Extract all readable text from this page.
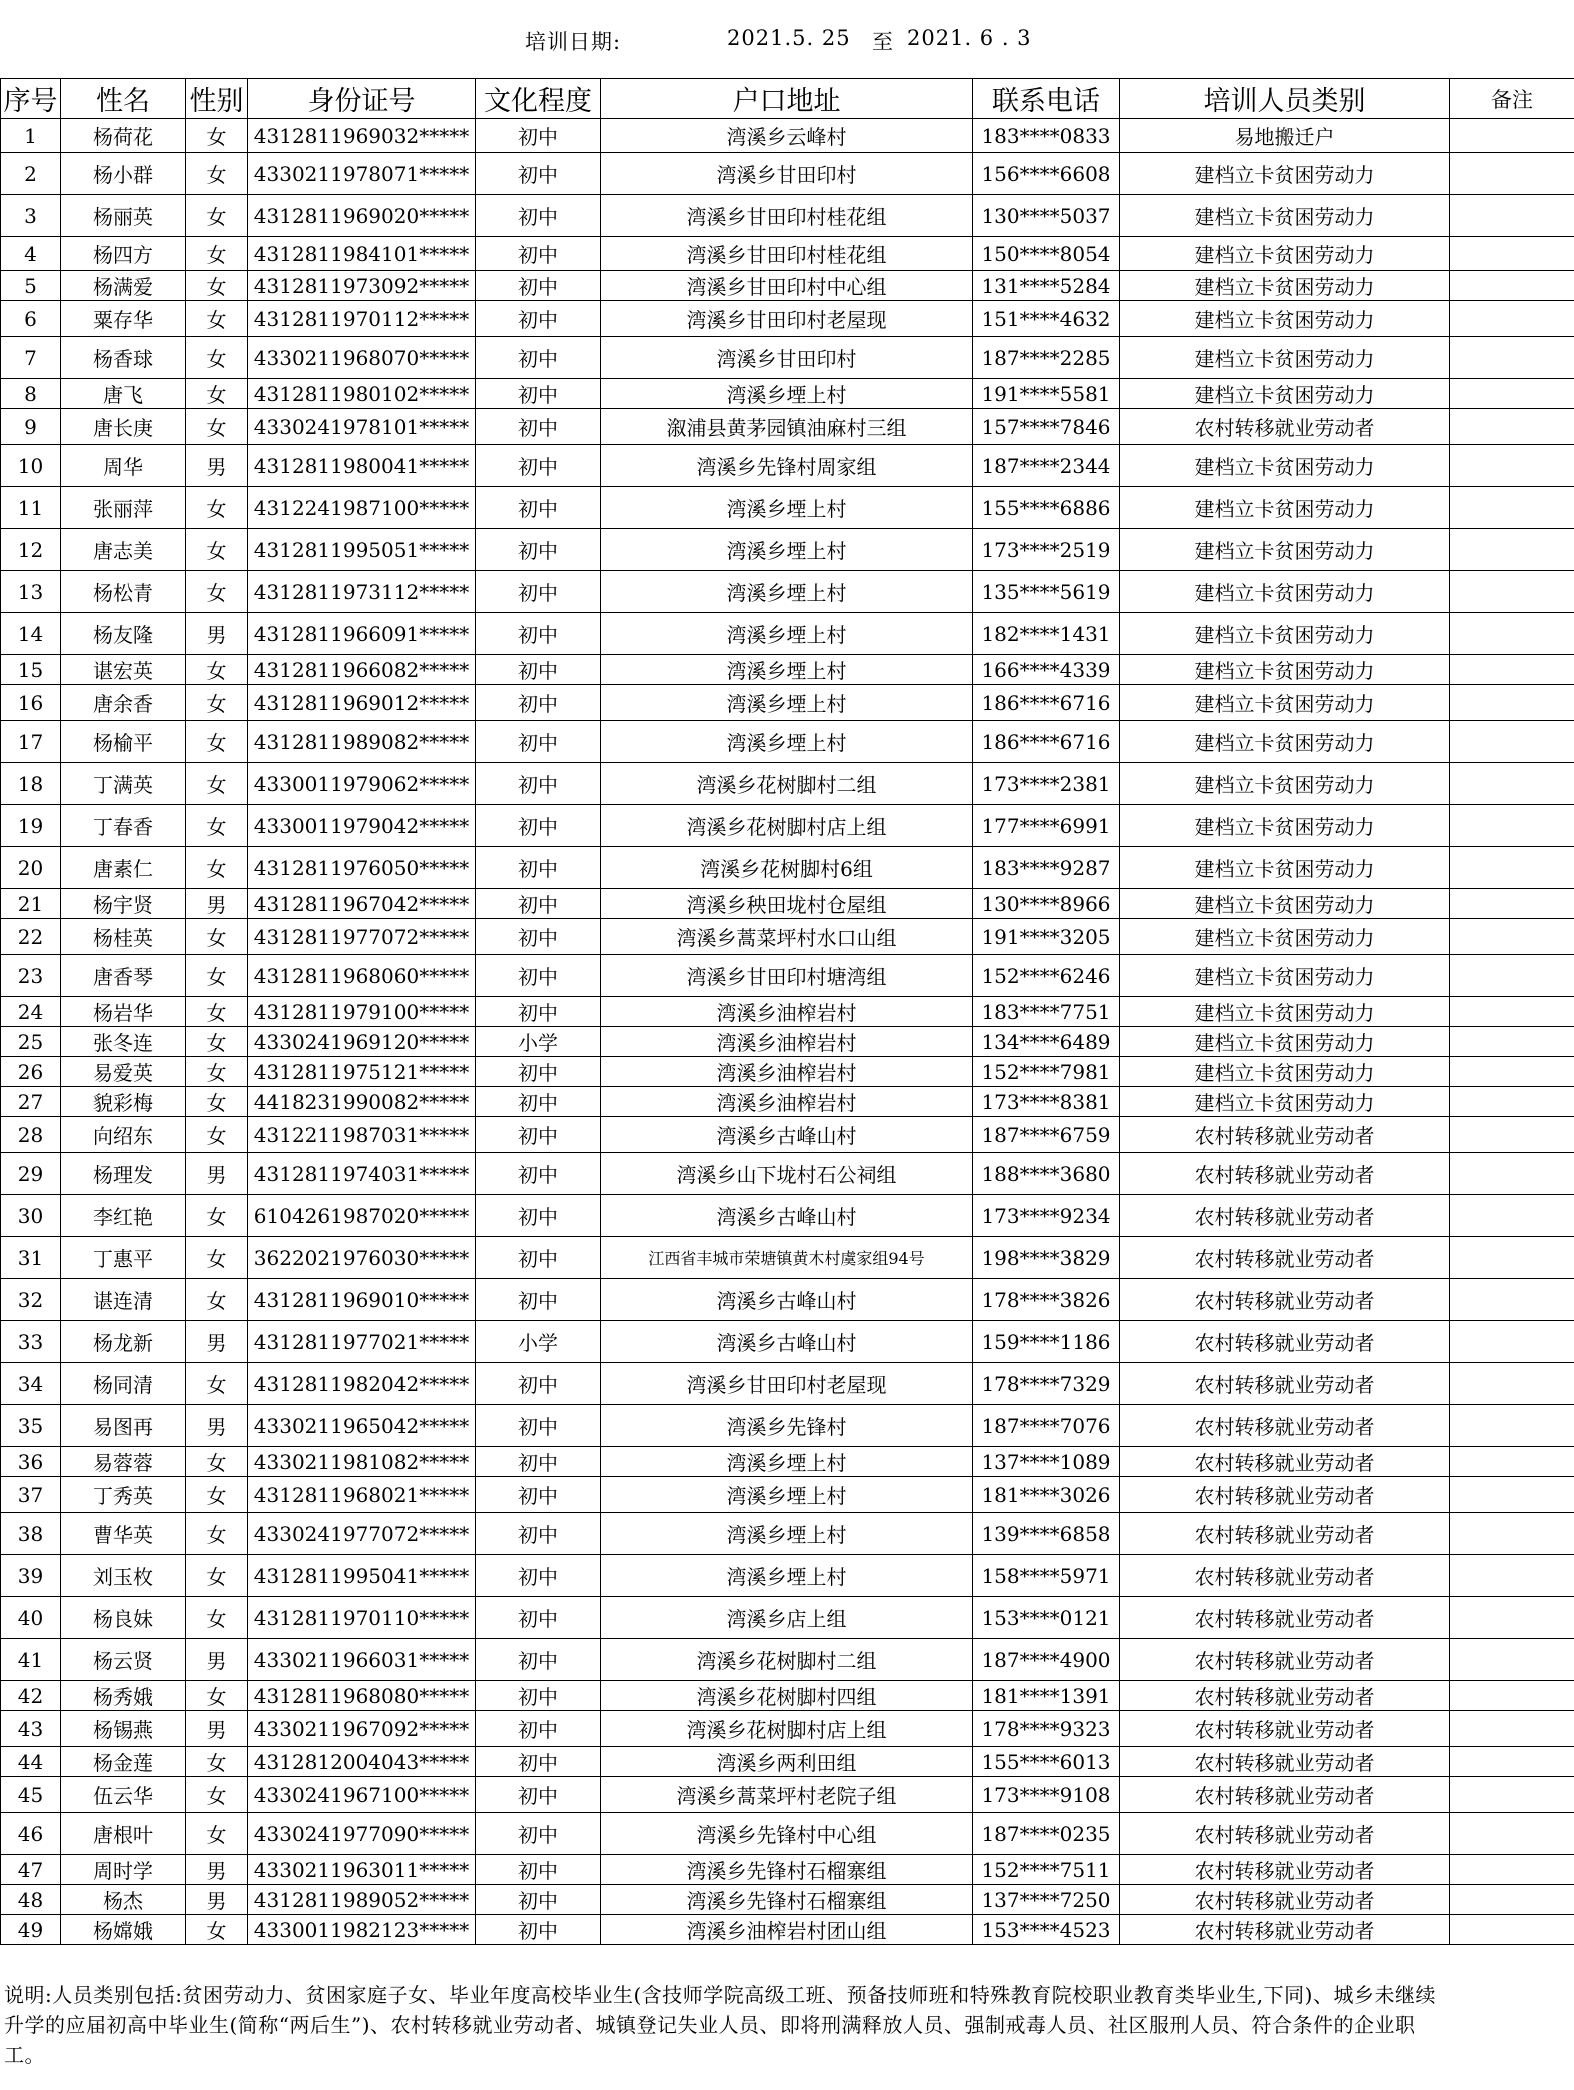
培训日期:	2021.5. 25 至 2021. 6 . 3
序号	性名	性别	身份证号	文化程度	户口地址	联系电话	培训人员类别	备注
1	杨荷花	女	4312811969032*****	初中	湾溪乡云峰村	183****0833	易地搬迁户	
2	杨小群	女	4330211978071*****	初中	湾溪乡甘田印村	156****6608	建档立卡贫困劳动力	
3	杨丽英	女	4312811969020*****	初中	湾溪乡甘田印村桂花组	130****5037	建档立卡贫困劳动力	
4	杨四方	女	4312811984101*****	初中	湾溪乡甘田印村桂花组	150****8054	建档立卡贫困劳动力	
5	杨满爱	女	4312811973092*****	初中	湾溪乡甘田印村中心组	131****5284	建档立卡贫困劳动力	
6	粟存华	女	4312811970112*****	初中	湾溪乡甘田印村老屋现	151****4632	建档立卡贫困劳动力	
7	杨香球	女	4330211968070*****	初中	湾溪乡甘田印村	187****2285	建档立卡贫困劳动力	
8	唐飞	女	4312811980102*****	初中	湾溪乡堙上村	191****5581	建档立卡贫困劳动力	
9	唐长庚	女	4330241978101*****	初中	溆浦县黄茅园镇油麻村三组	157****7846	农村转移就业劳动者	
10	周华	男	4312811980041*****	初中	湾溪乡先锋村周家组	187****2344	建档立卡贫困劳动力	
11	张丽萍	女	4312241987100*****	初中	湾溪乡堙上村	155****6886	建档立卡贫困劳动力	
12	唐志美	女	4312811995051*****	初中	湾溪乡堙上村	173****2519	建档立卡贫困劳动力	
13	杨松青	女	4312811973112*****	初中	湾溪乡堙上村	135****5619	建档立卡贫困劳动力	
14	杨友隆	男	4312811966091*****	初中	湾溪乡堙上村	182****1431	建档立卡贫困劳动力	
15	谌宏英	女	4312811966082*****	初中	湾溪乡堙上村	166****4339	建档立卡贫困劳动力	
16	唐余香	女	4312811969012*****	初中	湾溪乡堙上村	186****6716	建档立卡贫困劳动力	
17	杨榆平	女	4312811989082*****	初中	湾溪乡堙上村	186****6716	建档立卡贫困劳动力	
18	丁满英	女	4330011979062*****	初中	湾溪乡花树脚村二组	173****2381	建档立卡贫困劳动力	
19	丁春香	女	4330011979042*****	初中	湾溪乡花树脚村店上组	177****6991	建档立卡贫困劳动力	
20	唐素仁	女	4312811976050*****	初中	湾溪乡花树脚村6组	183****9287	建档立卡贫困劳动力	
21	杨宇贤	男	4312811967042*****	初中	湾溪乡秧田垅村仓屋组	130****8966	建档立卡贫困劳动力	
22	杨桂英	女	4312811977072*****	初中	湾溪乡蒿菜坪村水口山组	191****3205	建档立卡贫困劳动力	
23	唐香琴	女	4312811968060*****	初中	湾溪乡甘田印村塘湾组	152****6246	建档立卡贫困劳动力	
24	杨岩华	女	4312811979100*****	初中	湾溪乡油榨岩村	183****7751	建档立卡贫困劳动力	
25	张冬连	女	4330241969120*****	小学	湾溪乡油榨岩村	134****6489	建档立卡贫困劳动力	
26	易爱英	女	4312811975121*****	初中	湾溪乡油榨岩村	152****7981	建档立卡贫困劳动力	
27	貌彩梅	女	4418231990082*****	初中	湾溪乡油榨岩村	173****8381	建档立卡贫困劳动力	
28	向绍东	女	4312211987031*****	初中	湾溪乡古峰山村	187****6759	农村转移就业劳动者	
29	杨理发	男	4312811974031*****	初中	湾溪乡山下垅村石公祠组	188****3680	农村转移就业劳动者	
30	李红艳	女	6104261987020*****	初中	湾溪乡古峰山村	173****9234	农村转移就业劳动者	
31	丁惠平	女	3622021976030*****	初中	江西省丰城市荣塘镇黄木村虞家组94号	198****3829	农村转移就业劳动者	
32	谌连清	女	4312811969010*****	初中	湾溪乡古峰山村	178****3826	农村转移就业劳动者	
33	杨龙新	男	4312811977021*****	小学	湾溪乡古峰山村	159****1186	农村转移就业劳动者	
34	杨同清	女	4312811982042*****	初中	湾溪乡甘田印村老屋现	178****7329	农村转移就业劳动者	
35	易图再	男	4330211965042*****	初中	湾溪乡先锋村	187****7076	农村转移就业劳动者	
36	易蓉蓉	女	4330211981082*****	初中	湾溪乡堙上村	137****1089	农村转移就业劳动者	
37	丁秀英	女	4312811968021*****	初中	湾溪乡堙上村	181****3026	农村转移就业劳动者	
38	曹华英	女	4330241977072*****	初中	湾溪乡堙上村	139****6858	农村转移就业劳动者	
39	刘玉枚	女	4312811995041*****	初中	湾溪乡堙上村	158****5971	农村转移就业劳动者	
40	杨良妹	女	4312811970110*****	初中	湾溪乡店上组	153****0121	农村转移就业劳动者	
41	杨云贤	男	4330211966031*****	初中	湾溪乡花树脚村二组	187****4900	农村转移就业劳动者	
42	杨秀娥	女	4312811968080*****	初中	湾溪乡花树脚村四组	181****1391	农村转移就业劳动者	
43	杨锡燕	男	4330211967092*****	初中	湾溪乡花树脚村店上组	178****9323	农村转移就业劳动者	
44	杨金莲	女	4312812004043*****	初中	湾溪乡两利田组	155****6013	农村转移就业劳动者	
45	伍云华	女	4330241967100*****	初中	湾溪乡蒿菜坪村老院子组	173****9108	农村转移就业劳动者	
46	唐根叶	女	4330241977090*****	初中	湾溪乡先锋村中心组	187****0235	农村转移就业劳动者	
47	周时学	男	4330211963011*****	初中	湾溪乡先锋村石榴寨组	152****7511	农村转移就业劳动者	
48	杨杰	男	4312811989052*****	初中	湾溪乡先锋村石榴寨组	137****7250	农村转移就业劳动者	
49	杨嫦娥	女	4330011982123*****	初中	湾溪乡油榨岩村团山组	153****4523	农村转移就业劳动者	
说明:人员类别包括:贫困劳动力、贫困家庭子女、毕业年度高校毕业生(含技师学院高级工班、预备技师班和特殊教育院校职业教育类毕业生,下同)、城乡未继续升学的应届初高中毕业生(简称“两后生”)、农村转移就业劳动者、城镇登记失业人员、即将刑满释放人员、强制戒毒人员、社区服刑人员、符合条件的企业职工。
